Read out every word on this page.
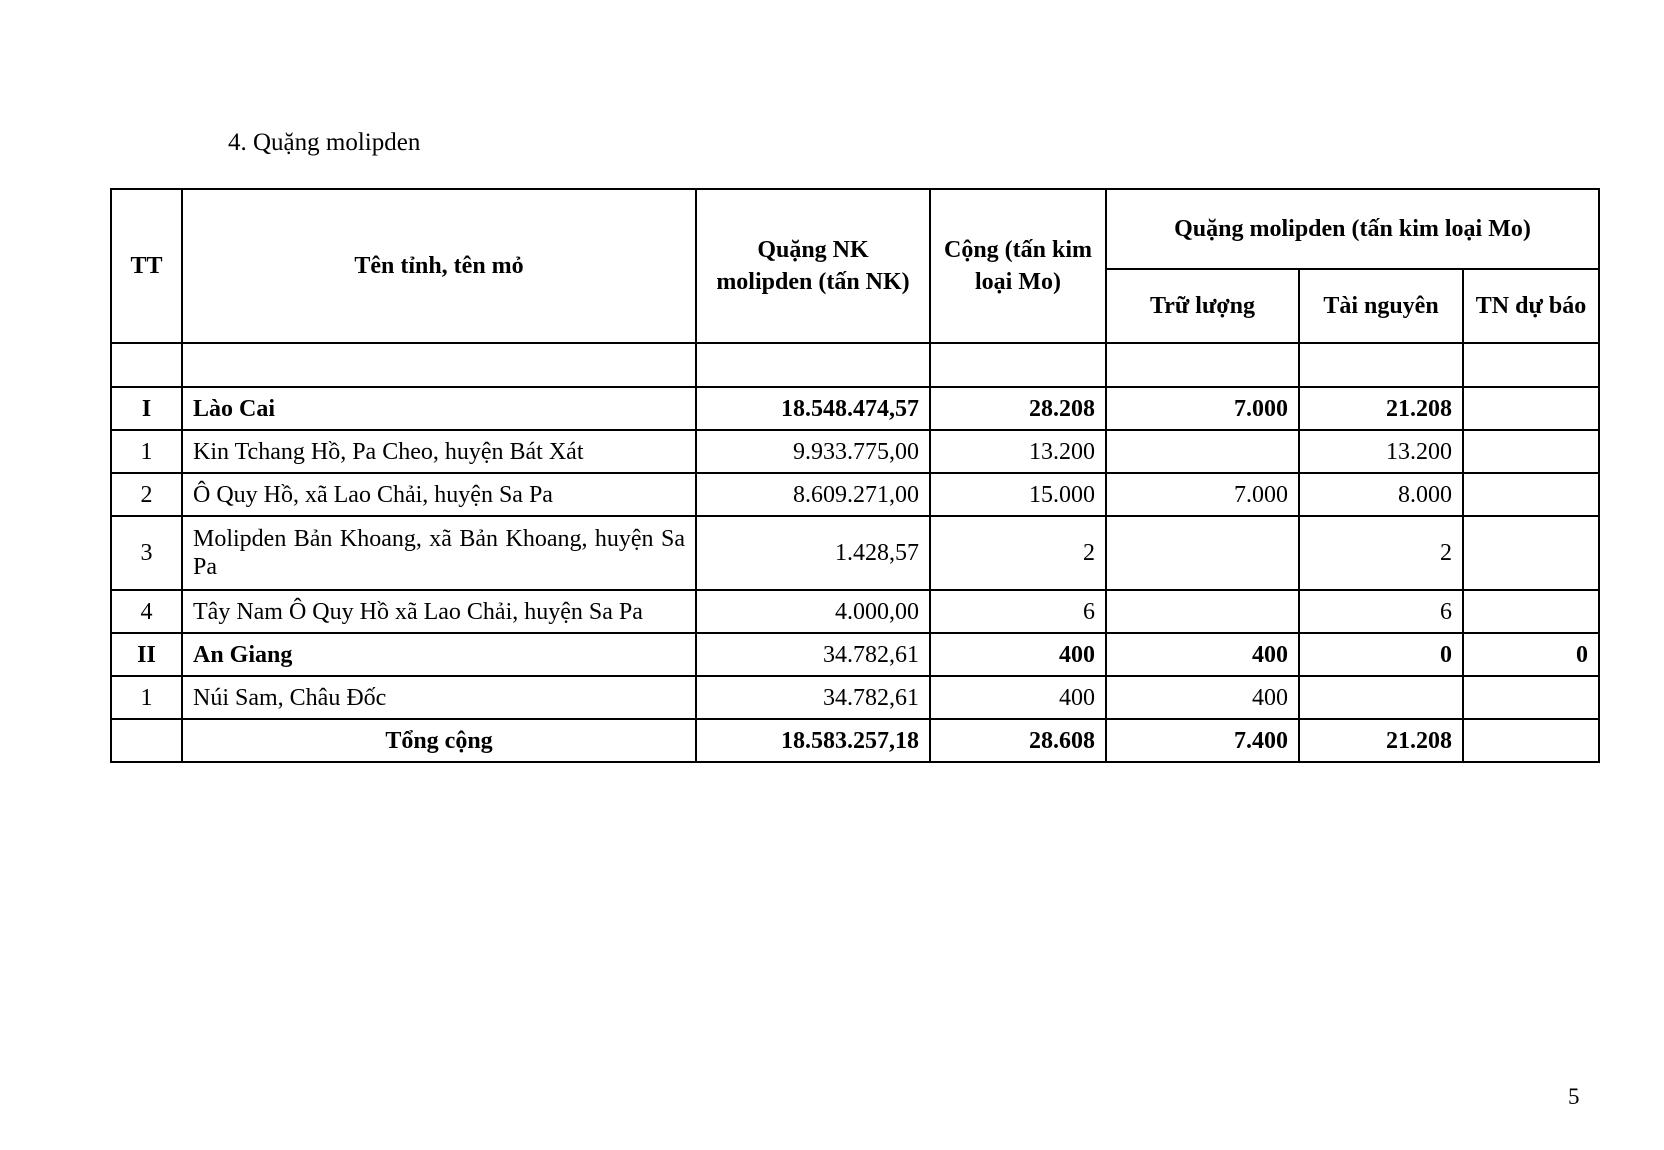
4. Quặng molipden
TT	Tên tỉnh, tên mỏ	Quặng NK molipden (tấn NK)	Cộng (tấn kim loại Mo)	Quặng molipden (tấn kim loại Mo)		
				Trữ lượng	Tài nguyên	TN dự báo

I	Lào Cai	18.548.474,57	28.208	7.000	21.208	
1	Kin Tchang Hồ, Pa Cheo, huyện Bát Xát	9.933.775,00	13.200		13.200	
2	Ô Quy Hồ, xã Lao Chải, huyện Sa Pa	8.609.271,00	15.000	7.000	8.000	
3	Molipden Bản Khoang, xã Bản Khoang, huyện Sa Pa	1.428,57	2		2	
4	Tây Nam Ô Quy Hồ xã Lao Chải, huyện Sa Pa	4.000,00	6		6	
II	An Giang	34.782,61	400	400	0	0
1	Núi Sam, Châu Đốc	34.782,61	400	400		
	Tổng cộng	18.583.257,18	28.608	7.400	21.208	
5
